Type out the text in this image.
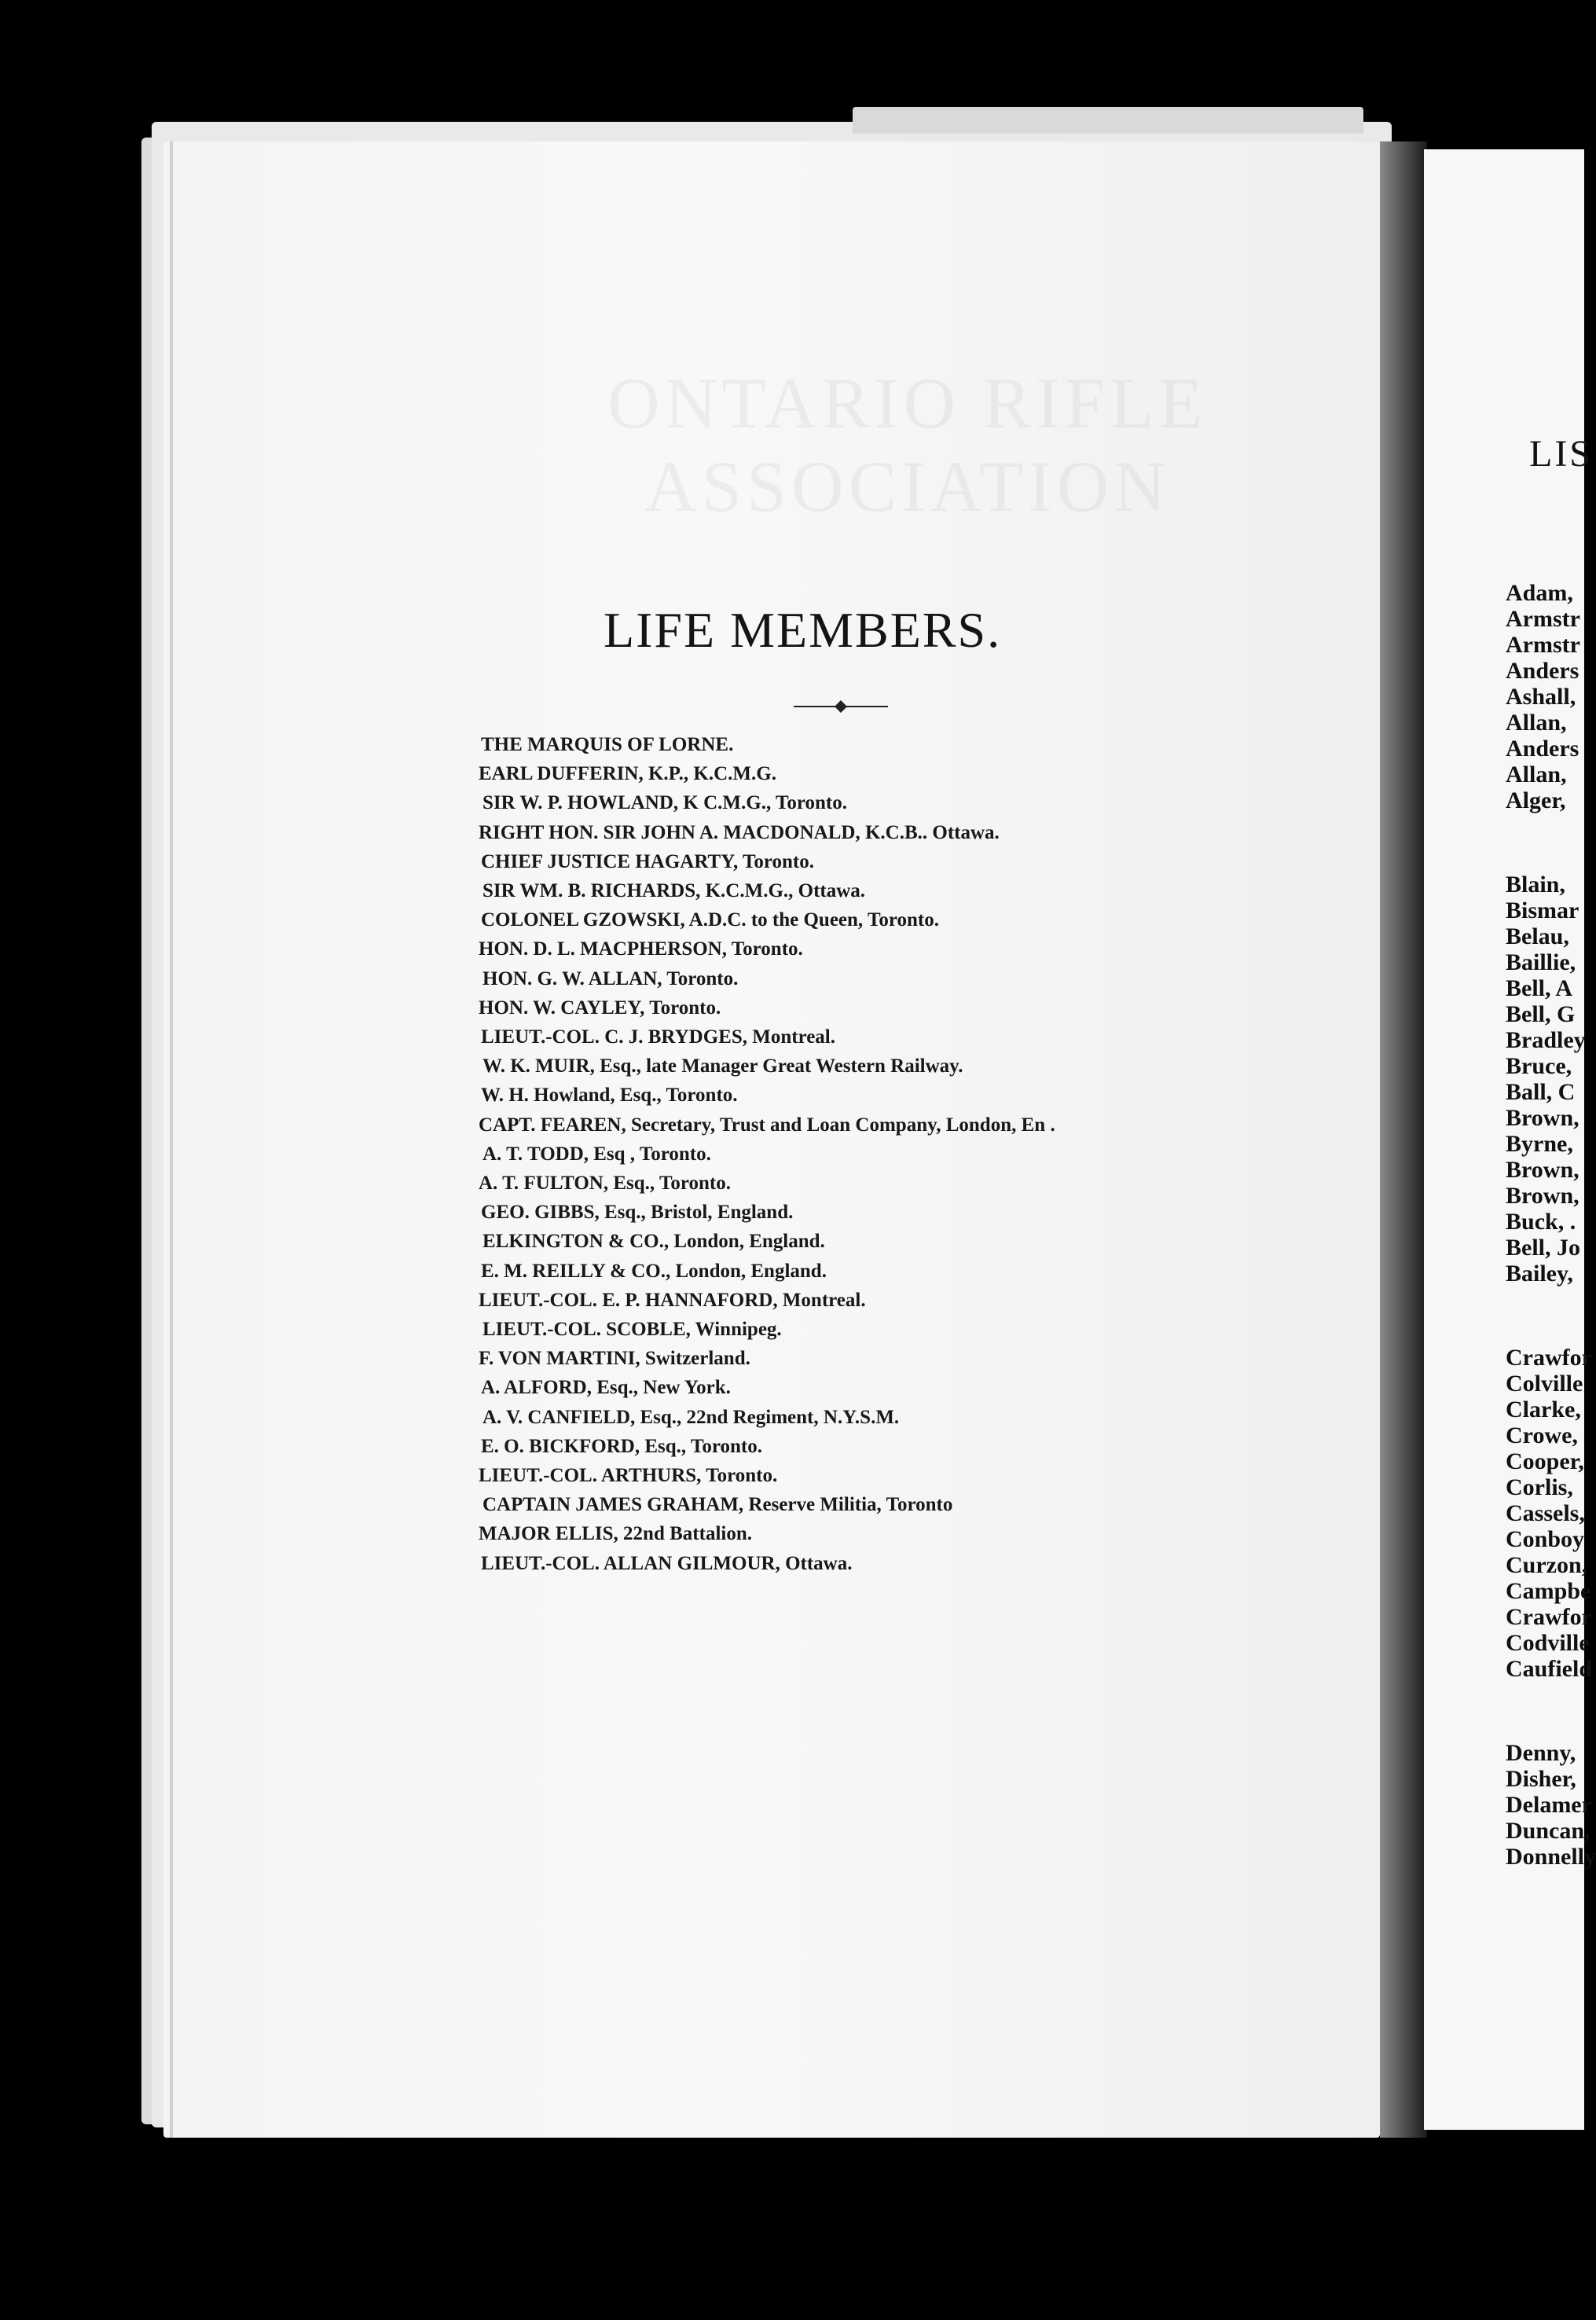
ONTARIO RIFLE ASSOCIATION
LIFE MEMBERS.
THE MARQUIS OF LORNE.
EARL DUFFERIN, K.P., K.C.M.G.
SIR W. P. HOWLAND, K C.M.G., Toronto.
RIGHT HON. SIR JOHN A. MACDONALD, K.C.B.. Ottawa.
CHIEF JUSTICE HAGARTY, Toronto.
SIR WM. B. RICHARDS, K.C.M.G., Ottawa.
COLONEL GZOWSKI, A.D.C. to the Queen, Toronto.
HON. D. L. MACPHERSON, Toronto.
HON. G. W. ALLAN, Toronto.
HON. W. CAYLEY, Toronto.
LIEUT.-COL. C. J. BRYDGES, Montreal.
W. K. MUIR, Esq., late Manager Great Western Railway.
W. H. Howland, Esq., Toronto.
CAPT. FEAREN, Secretary, Trust and Loan Company, London, En .
A. T. TODD, Esq , Toronto.
A. T. FULTON, Esq., Toronto.
GEO. GIBBS, Esq., Bristol, England.
ELKINGTON & CO., London, England.
E. M. REILLY & CO., London, England.
LIEUT.-COL. E. P. HANNAFORD, Montreal.
LIEUT.-COL. SCOBLE, Winnipeg.
F. VON MARTINI, Switzerland.
A. ALFORD, Esq., New York.
A. V. CANFIELD, Esq., 22nd Regiment, N.Y.S.M.
E. O. BICKFORD, Esq., Toronto.
LIEUT.-COL. ARTHURS, Toronto.
CAPTAIN JAMES GRAHAM, Reserve Militia, Toronto
MAJOR ELLIS, 22nd Battalion.
LIEUT.-COL. ALLAN GILMOUR, Ottawa.
LIS
Adam,
Armstr
Armstr
Anders
Ashall,
Allan,
Anders
Allan,
Alger,
Blain,
Bismar
Belau,
Baillie,
Bell, A
Bell, G
Bradley
Bruce,
Ball, C
Brown,
Byrne,
Brown,
Brown,
Buck, .
Bell, Jo
Bailey,
Crawfor
Colville
Clarke,
Crowe,
Cooper,
Corlis,
Cassels,
Conboy
Curzon,
Campbe
Crawfor
Codville
Caufield
Denny,
Disher,
Delamer
Duncan,
Donnelly
